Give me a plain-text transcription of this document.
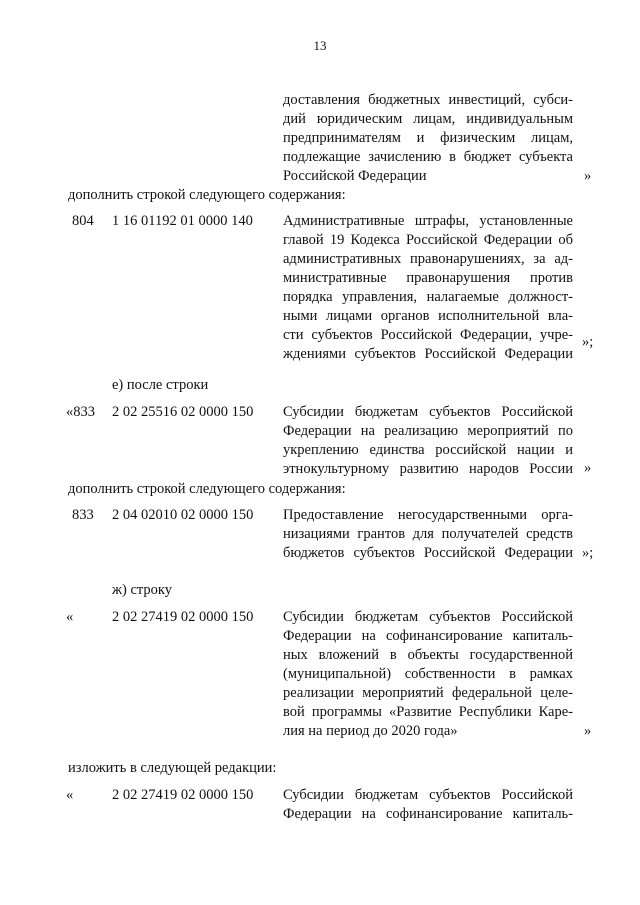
13
доставления бюджетных инвестиций, субси-
дий юридическим лицам, индивидуальным
предпринимателям и физическим лицам,
подлежащие зачислению в бюджет субъекта
Российской Федерации	»
дополнить строкой следующего содержания:
804 1 16 01192 01 0000 140 Административные штрафы, установленные
главой 19 Кодекса Российской Федерации об
административных правонарушениях, за ад-
министративные правонарушения против
порядка управления, налагаемые должност-
ными лицами органов исполнительной вла-
сти субъектов Российской Федерации, учре-
ждениями субъектов Российской Федерации
»;
е) после строки
«833 2 02 25516 02 0000 150 Субсидии бюджетам субъектов Российской
Федерации на реализацию мероприятий по
укреплению единства российской нации и
этнокультурному развитию народов России »
дополнить строкой следующего содержания:
833 2 04 02010 02 0000 150 Предоставление негосударственными орга-
низациями грантов для получателей средств
бюджетов субъектов Российской Федерации »;
ж) строку
«	2 02 27419 02 0000 150 Субсидии бюджетам субъектов Российской
Федерации на софинансирование капиталь-
ных вложений в объекты государственной
(муниципальной) собственности в рамках
реализации мероприятий федеральной целе-
вой программы «Развитие Республики Каре-
лия на период до 2020 года»	»
изложить в следующей редакции:
«	2 02 27419 02 0000 150 Субсидии бюджетам субъектов Российской
Федерации на софинансирование капиталь-
